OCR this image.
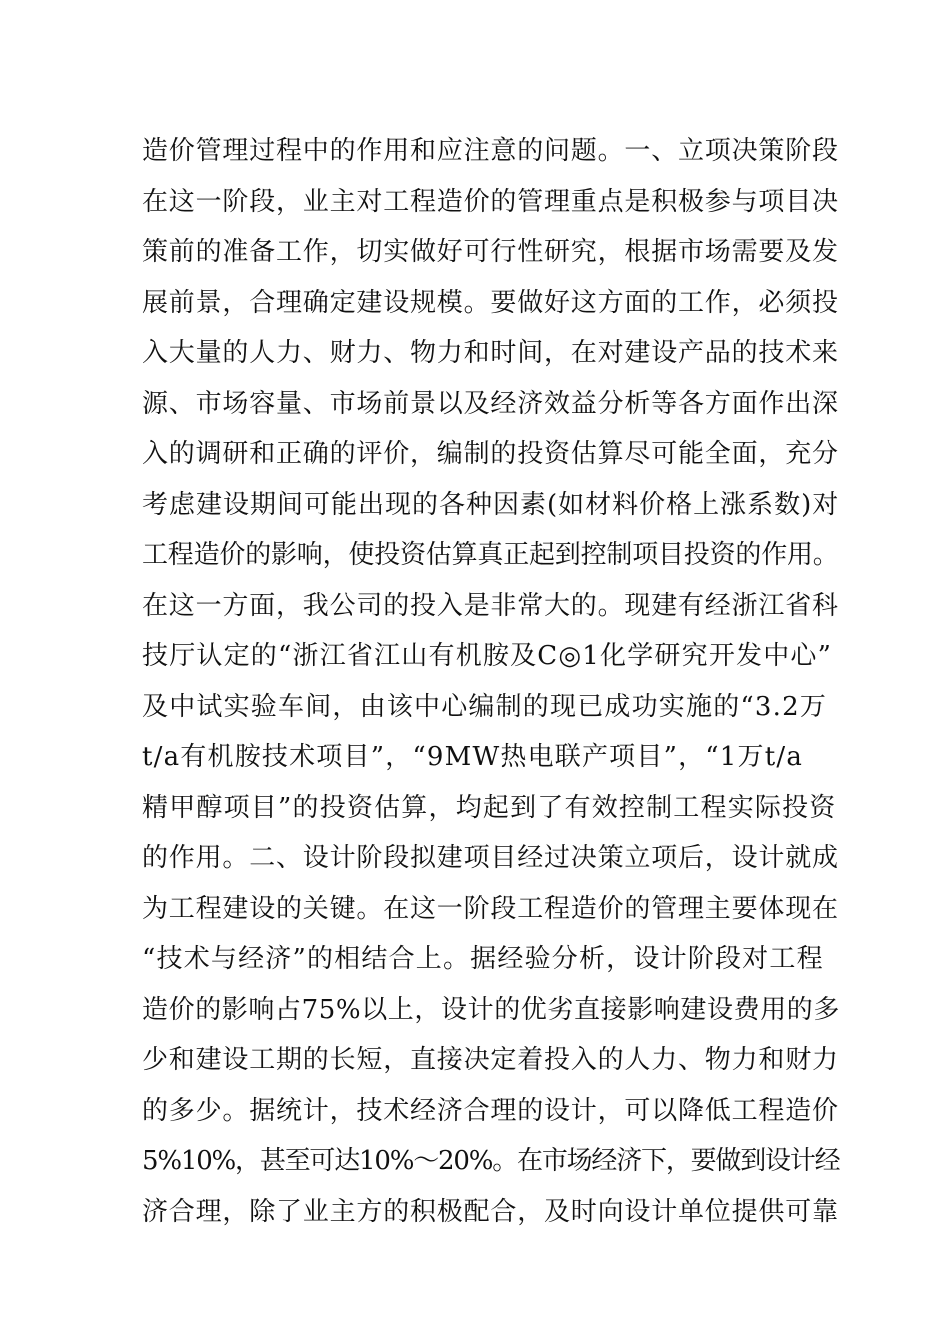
造价管理过程中的作用和应注意的问题。一、立项决策阶段
在这一阶段，业主对工程造价的管理重点是积极参与项目决
策前的准备工作，切实做好可行性研究，根据市场需要及发
展前景，合理确定建设规模。要做好这方面的工作，必须投
入大量的人力、财力、物力和时间，在对建设产品的技术来
源、市场容量、市场前景以及经济效益分析等各方面作出深
入的调研和正确的评价，编制的投资估算尽可能全面，充分
考虑建设期间可能出现的各种因素(如材料价格上涨系数)对
工程造价的影响，使投资估算真正起到控制项目投资的作用。
在这一方面，我公司的投入是非常大的。现建有经浙江省科
技厅认定的“浙江省江山有机胺及C◎1化学研究开发中心”
及中试实验车间，由该中心编制的现已成功实施的“3.2万
t/a有机胺技术项目”，“9MW热电联产项目”，“1万t/a
精甲醇项目”的投资估算，均起到了有效控制工程实际投资
的作用。二、设计阶段拟建项目经过决策立项后，设计就成
为工程建设的关键。在这一阶段工程造价的管理主要体现在
“技术与经济”的相结合上。据经验分析，设计阶段对工程
造价的影响占75%以上，设计的优劣直接影响建设费用的多
少和建设工期的长短，直接决定着投入的人力、物力和财力
的多少。据统计，技术经济合理的设计，可以降低工程造价
5%10%，甚至可达10%～20%。在市场经济下，要做到设计经
济合理，除了业主方的积极配合，及时向设计单位提供可靠
